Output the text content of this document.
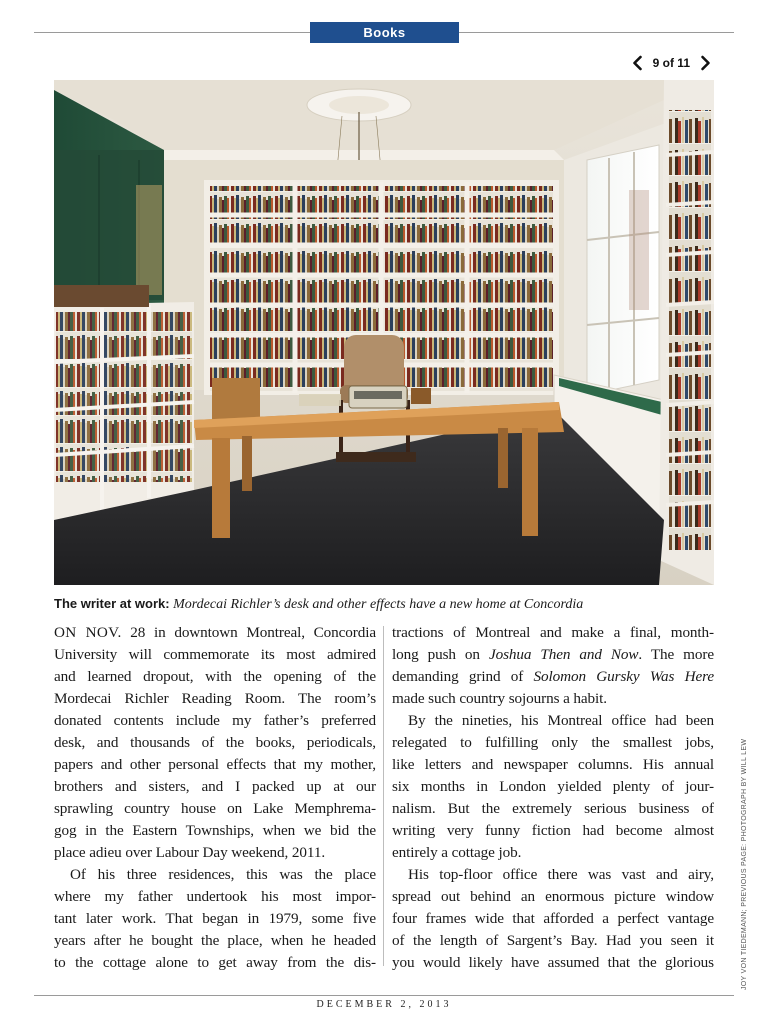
Books
9 of 11
The writer at work: Mordecai Richler’s desk and other effects have a new home at Concordia
ON NOV. 28 in downtown Montreal, Concordia
University will commemorate its most admired
and learned dropout, with the opening of the
Mordecai Richler Reading Room. The room’s
donated contents include my father’s preferred
desk, and thousands of the books, periodicals,
papers and other personal effects that my mother,
brothers and sisters, and I packed up at our
sprawling country house on Lake Memphrema-
gog in the Eastern Townships, when we bid the
place adieu over Labour Day weekend, 2011.
Of his three residences, this was the place
where my father undertook his most impor-
tant later work. That began in 1979, some five
years after he bought the place, when he headed
to the cottage alone to get away from the dis-
tractions of Montreal and make a final, month-
long push on Joshua Then and Now. The more
demanding grind of Solomon Gursky Was Here
made such country sojourns a habit.
By the nineties, his Montreal office had been
relegated to fulfilling only the smallest jobs,
like letters and newspaper columns. His annual
six months in London yielded plenty of jour-
nalism. But the extremely serious business of
writing very funny fiction had become almost
entirely a cottage job.
His top-floor office there was vast and airy,
spread out behind an enormous picture window
four frames wide that afforded a perfect vantage
of the length of Sargent’s Bay. Had you seen it
you would likely have assumed that the glorious	JOY VON TIEDEMANN; PREVIOUS PAGE: PHOTOGRAPH BY WILL LEW
DECEMBER 2, 2013
